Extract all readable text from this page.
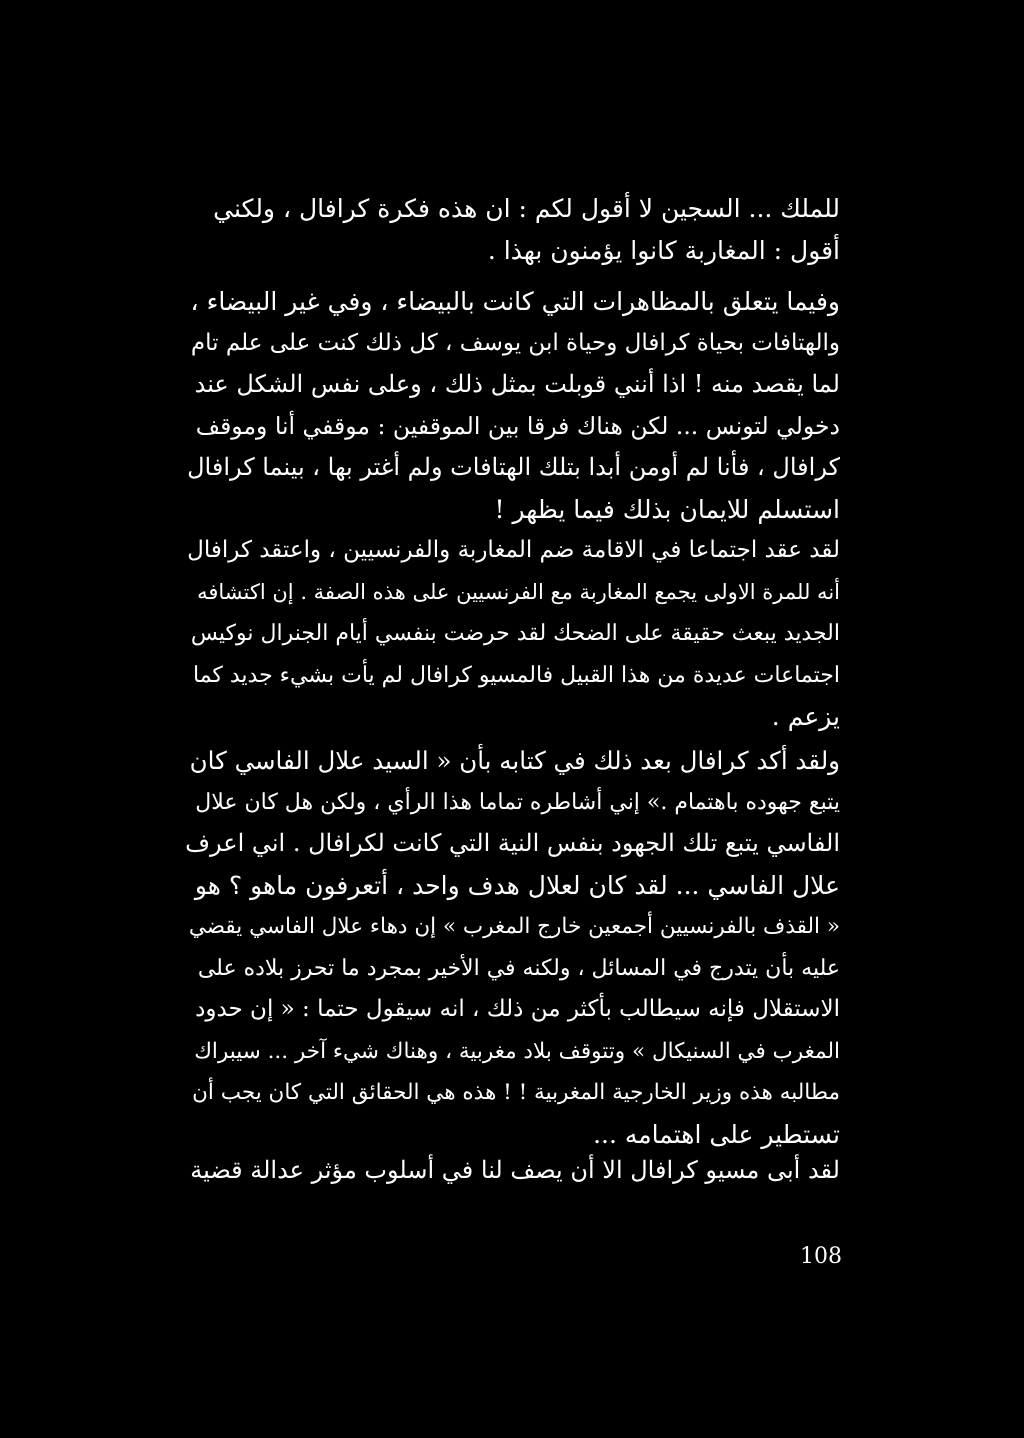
للملك ... السجين لا أقول لكم : ان هذه فكرة كرافال ، ولكني
أقول : المغاربة كانوا يؤمنون بهذا .
وفيما يتعلق بالمظاهرات التي كانت بالبيضاء ، وفي غير البيضاء ،
والهتافات بحياة كرافال وحياة ابن يوسف ، كل ذلك كنت على علم تام
لما يقصد منه ! اذا أنني قوبلت بمثل ذلك ، وعلى نفس الشكل عند
دخولي لتونس ... لكن هناك فرقا بين الموقفين : موقفي أنا وموقف
كرافال ، فأنا لم أومن أبدا بتلك الهتافات ولم أغتر بها ، بينما كرافال
استسلم للايمان بذلك فيما يظهر !
لقد عقد اجتماعا في الاقامة ضم المغاربة والفرنسيين ، واعتقد كرافال
أنه للمرة الاولى يجمع المغاربة مع الفرنسيين على هذه الصفة . إن اكتشافه
الجديد يبعث حقيقة على الضحك لقد حرضت بنفسي أيام الجنرال نوكيس
اجتماعات عديدة من هذا القبيل فالمسيو كرافال لم يأت بشيء جديد كما
يزعم .
ولقد أكد كرافال بعد ذلك في كتابه بأن « السيد علال الفاسي كان
يتبع جهوده باهتمام .» إني أشاطره تماما هذا الرأي ، ولكن هل كان علال
الفاسي يتبع تلك الجهود بنفس النية التي كانت لكرافال . اني اعرف
علال الفاسي ... لقد كان لعلال هدف واحد ، أتعرفون ماهو ؟ هو
« القذف بالفرنسيين أجمعين خارج المغرب » إن دهاء علال الفاسي يقضي
عليه بأن يتدرج في المسائل ، ولكنه في الأخير بمجرد ما تحرز بلاده على
الاستقلال فإنه سيطالب بأكثر من ذلك ، انه سيقول حتما : « إن حدود
المغرب في السنيكال » وتتوقف بلاد مغربية ، وهناك شيء آخر ... سيبراك
مطالبه هذه وزير الخارجية المغربية ! ! هذه هي الحقائق التي كان يجب أن
تستطير على اهتمامه ...
لقد أبى مسيو كرافال الا أن يصف لنا في أسلوب مؤثر عدالة قضية
108
